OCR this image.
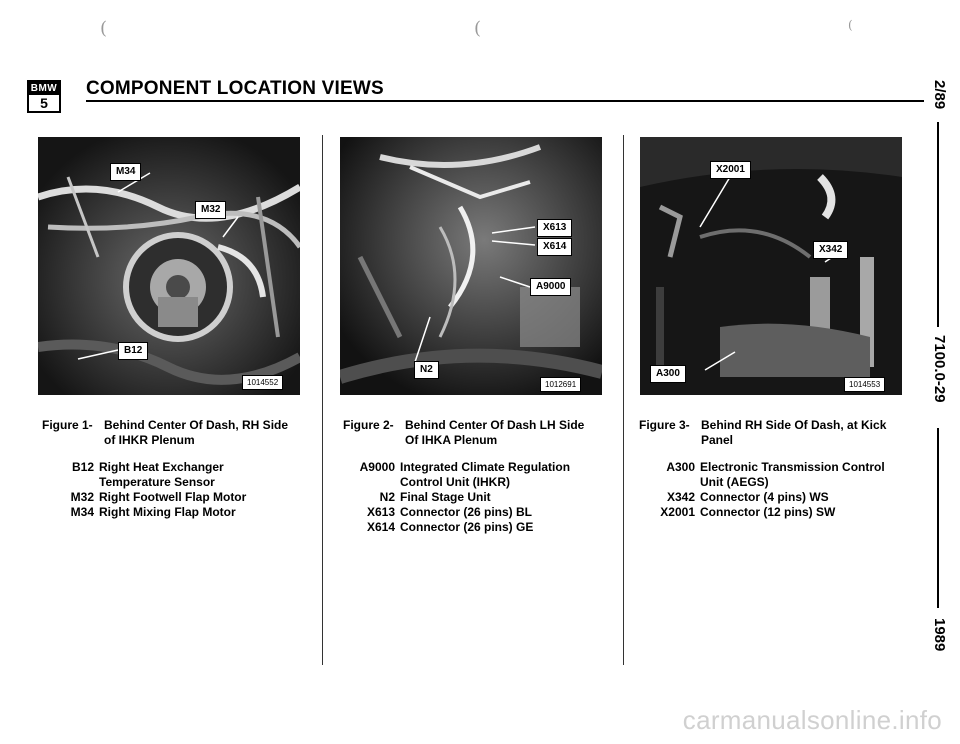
(	(	(
BMW
5
COMPONENT LOCATION VIEWS
M34
M32
B12
1014552
Figure 1- Behind Center Of Dash, RH Side
of IHKR Plenum
B12 Right Heat Exchanger
Temperature Sensor
M32 Right Footwell Flap Motor
M34 Right Mixing Flap Motor
X613
X614
A9000
N2
1012691
Figure 2- Behind Center Of Dash LH Side
Of IHKA Plenum
A9000 Integrated Climate Regulation
Control Unit (IHKR)
N2 Final Stage Unit
X613 Connector (26 pins) BL
X614 Connector (26 pins) GE
X2001
X342
A300
1014553
Figure 3- Behind RH Side Of Dash, at Kick
Panel
A300 Electronic Transmission Control
Unit (AEGS)
X342 Connector (4 pins) WS
X2001 Connector (12 pins) SW
2/89
7100.0-29
1989
carmanualsonline.info
